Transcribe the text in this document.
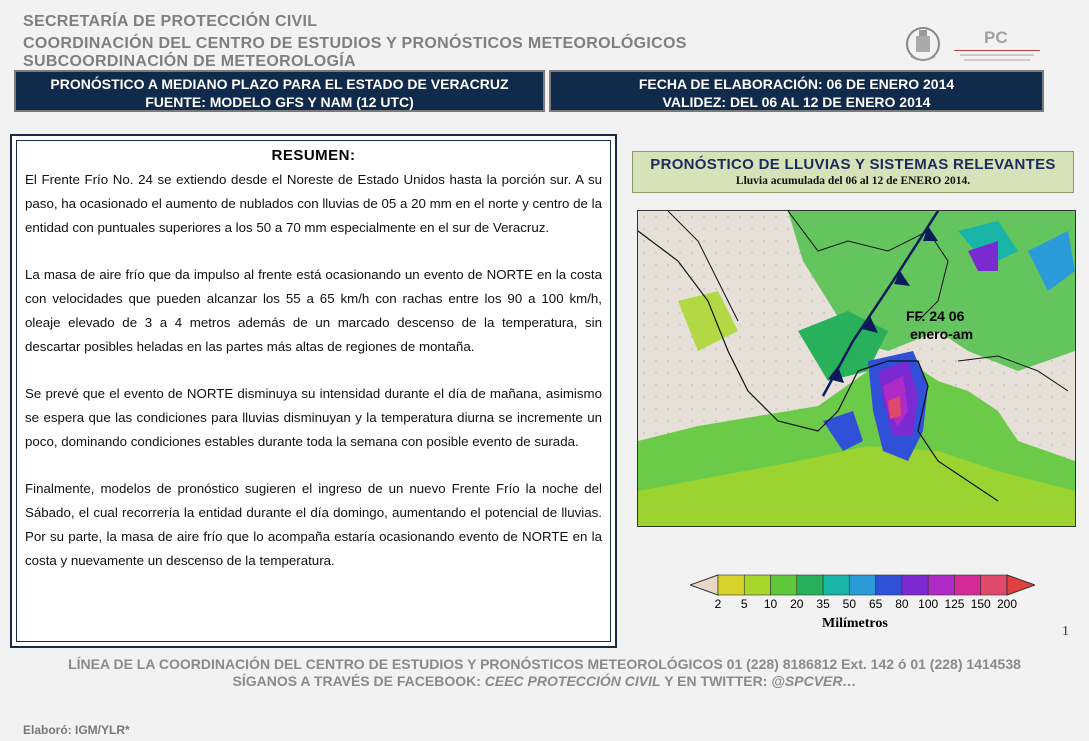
SECRETARÍA DE PROTECCIÓN CIVIL
COORDINACIÓN DEL CENTRO DE ESTUDIOS Y PRONÓSTICOS METEOROLÓGICOS
SUBCOORDINACIÓN DE METEOROLOGÍA
PC
PRONÓSTICO A MEDIANO PLAZO PARA EL ESTADO DE VERACRUZ
FUENTE: MODELO GFS Y NAM (12 UTC)
FECHA DE ELABORACIÓN: 06 DE ENERO 2014
VALIDEZ: DEL 06 AL 12 DE ENERO 2014
RESUMEN:

El Frente Frío No. 24 se extiendo desde el Noreste de Estado Unidos hasta la porción sur. A su paso, ha ocasionado el aumento de nublados con lluvias de 05 a 20 mm en el norte y centro de la entidad con puntuales superiores a los 50 a 70 mm especialmente en el sur de Veracruz.

La masa de aire frío que da impulso al frente está ocasionando un evento de NORTE en la costa con velocidades que pueden alcanzar los 55 a 65 km/h con rachas entre los 90 a 100 km/h, oleaje elevado de 3 a 4 metros además de un marcado descenso de la temperatura, sin descartar posibles heladas en las partes más altas de regiones de montaña.

Se prevé que el evento de NORTE disminuya su intensidad durante el día de mañana, asimismo se espera que las condiciones para lluvias disminuyan y la temperatura diurna se incremente un poco, dominando condiciones estables durante toda la semana con posible evento de surada.

Finalmente, modelos de pronóstico sugieren el ingreso de un nuevo Frente Frío la noche del Sábado, el cual recorrería la entidad durante el día domingo, aumentando el potencial de lluvias. Por su parte, la masa de aire frío que lo acompaña estaría ocasionando evento de NORTE en la costa y nuevamente un descenso de la temperatura.

PRONÓSTICO DE LLUVIAS Y SISTEMAS RELEVANTES
Lluvia acumulada del 06 al 12 de ENERO 2014.
FF. 24 06
enero-am
2	5	10	20	35	50	65	80 100 125 150 200
Milímetros
1
LÍNEA DE LA COORDINACIÓN DEL CENTRO DE ESTUDIOS Y PRONÓSTICOS METEOROLÓGICOS 01 (228) 8186812 Ext. 142 ó 01 (228) 1414538
SÍGANOS A TRAVÉS DE FACEBOOK: CEEC PROTECCIÓN CIVIL Y EN TWITTER: @SPCVER…
Elaboró: IGM/YLR*
